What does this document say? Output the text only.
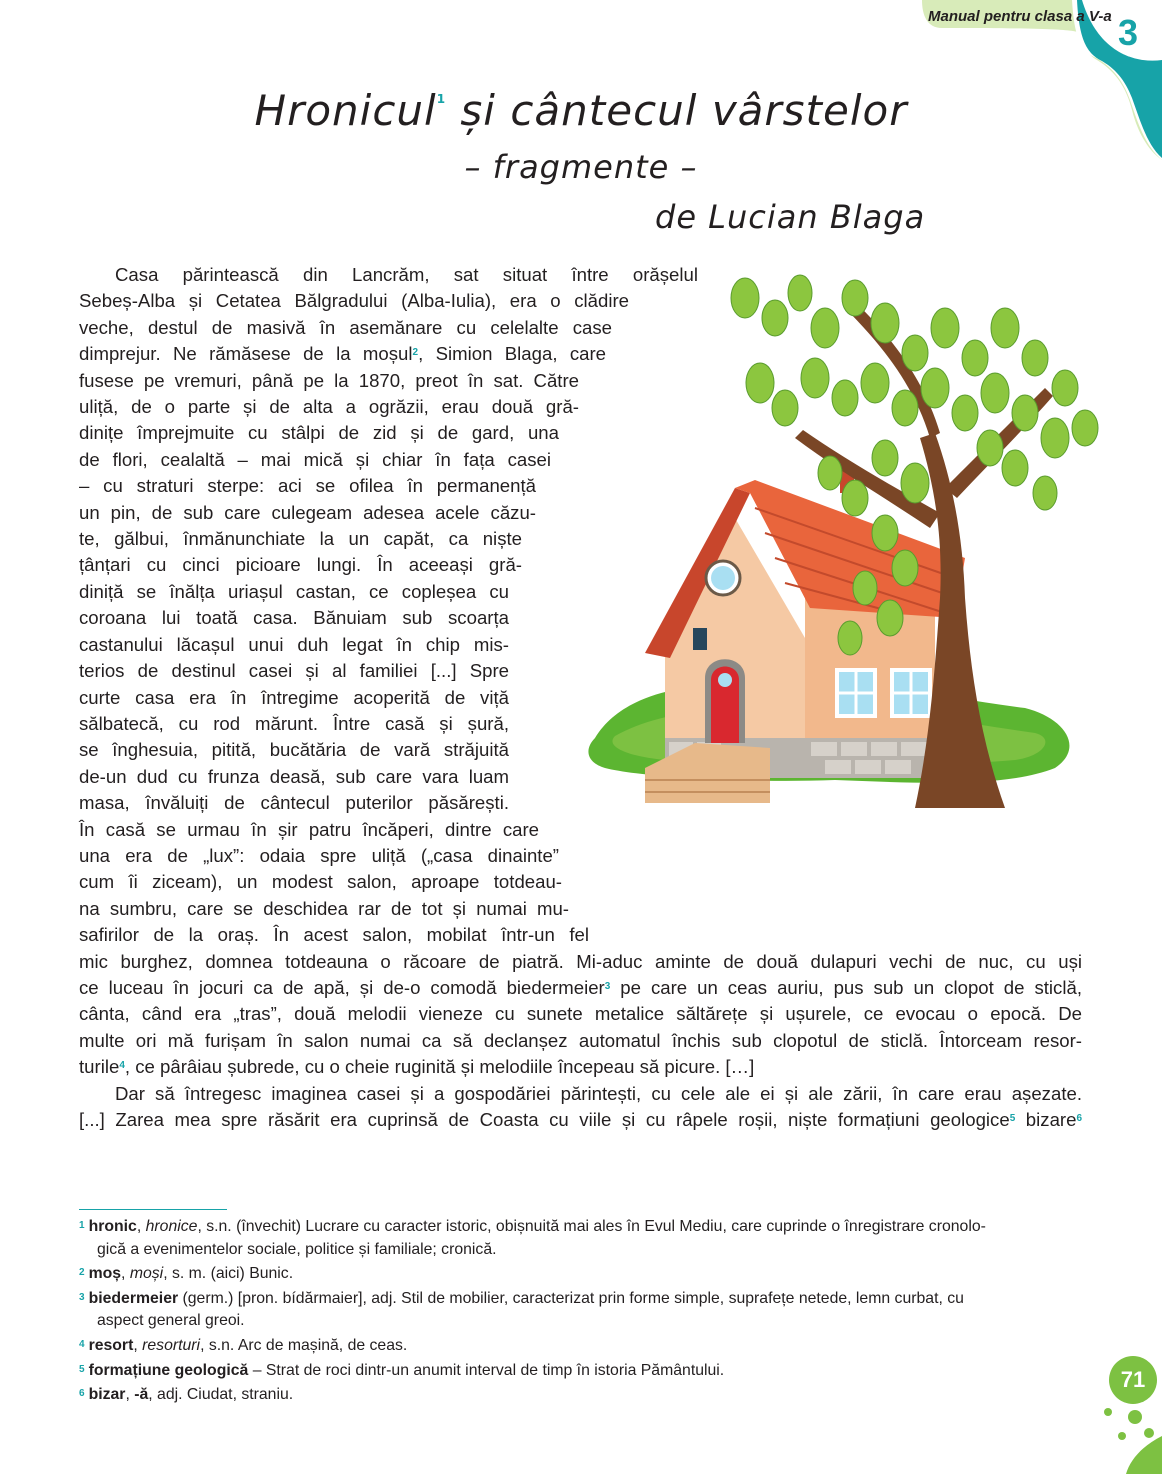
Manual pentru clasa a V-a 3
Hronicul$^1$ și cântecul vârstelor
– fragmente –
de Lucian Blaga
Casa părintească din Lancrăm, sat situat între orășelul
Sebeș-Alba și Cetatea Bălgradului (Alba-Iulia), era o clădire
veche, destul de masivă în asemănare cu celelalte case
dimprejur. Ne rămăsese de la moșul$^2$, Simion Blaga, care
fusese pe vremuri, până pe la 1870, preot în sat. Către
uliță, de o parte și de alta a ogrăzii, erau două gră-
dinițe împrejmuite cu stâlpi de zid și de gard, una
de flori, cealaltă – mai mică și chiar în fața casei
– cu straturi sterpe: aci se ofilea în permanență
un pin, de sub care culegeam adesea acele căzu-
te, gălbui, înmănunchiate la un capăt, ca niște
țânțari cu cinci picioare lungi. În aceeași gră-
diniță se înălța uriașul castan, ce copleșea cu
coroana lui toată casa. Bănuiam sub scoarța
castanului lăcașul unui duh legat în chip mis-
terios de destinul casei și al familiei [...] Spre
curte casa era în întregime acoperită de viță
sălbatecă, cu rod mărunt. Între casă și șură,
se înghesuia, pitită, bucătăria de vară străjuită
de-un dud cu frunza deasă, sub care vara luam
masa, învăluiți de cântecul puterilor păsărești.
În casă se urmau în șir patru încăperi, dintre care
una era de „lux”: odaia spre uliță („casa dinainte”
cum îi ziceam), un modest salon, aproape totdeau-
na sumbru, care se deschidea rar de tot și numai mu-
safirilor de la oraș. În acest salon, mobilat într-un fel
mic burghez, domnea totdeauna o răcoare de piatră. Mi-aduc aminte de două dulapuri vechi de nuc, cu uși
ce luceau în jocuri ca de apă, și de-o comodă biedermeier$^3$ pe care un ceas auriu, pus sub un clopot de sticlă,
cânta, când era „tras”, două melodii vieneze cu sunete metalice săltărețe și ușurele, ce evocau o epocă. De
multe ori mă furișam în salon numai ca să declanșez automatul închis sub clopotul de sticlă. Întorceam resor-
turile$^4$, ce pârâiau șubrede, cu o cheie ruginită și melodiile începeau să picure. […]
Dar să întregesc imaginea casei și a gospodăriei părintești, cu cele ale ei și ale zării, în care erau așezate.
[...] Zarea mea spre răsărit era cuprinsă de Coasta cu viile și cu râpele roșii, niște formațiuni geologice$^5$ bizare$^6$
$^1$ hronic, hronice, s.n. (învechit) Lucrare cu caracter istoric, obișnuită mai ales în Evul Mediu, care cuprinde o înregistrare cronolo-
gică a evenimentelor sociale, politice și familiale; cronică.
$^2$ moș, moși, s. m. (aici) Bunic.
$^3$ biedermeier (germ.) [pron. bídărmaier], adj. Stil de mobilier, caracterizat prin forme simple, suprafețe netede, lemn curbat, cu
aspect general greoi.
$^4$ resort, resorturi, s.n. Arc de mașină, de ceas.
$^5$ formațiune geologică – Strat de roci dintr-un anumit interval de timp în istoria Pământului.
$^6$ bizar, -ă, adj. Ciudat, straniu.
71
